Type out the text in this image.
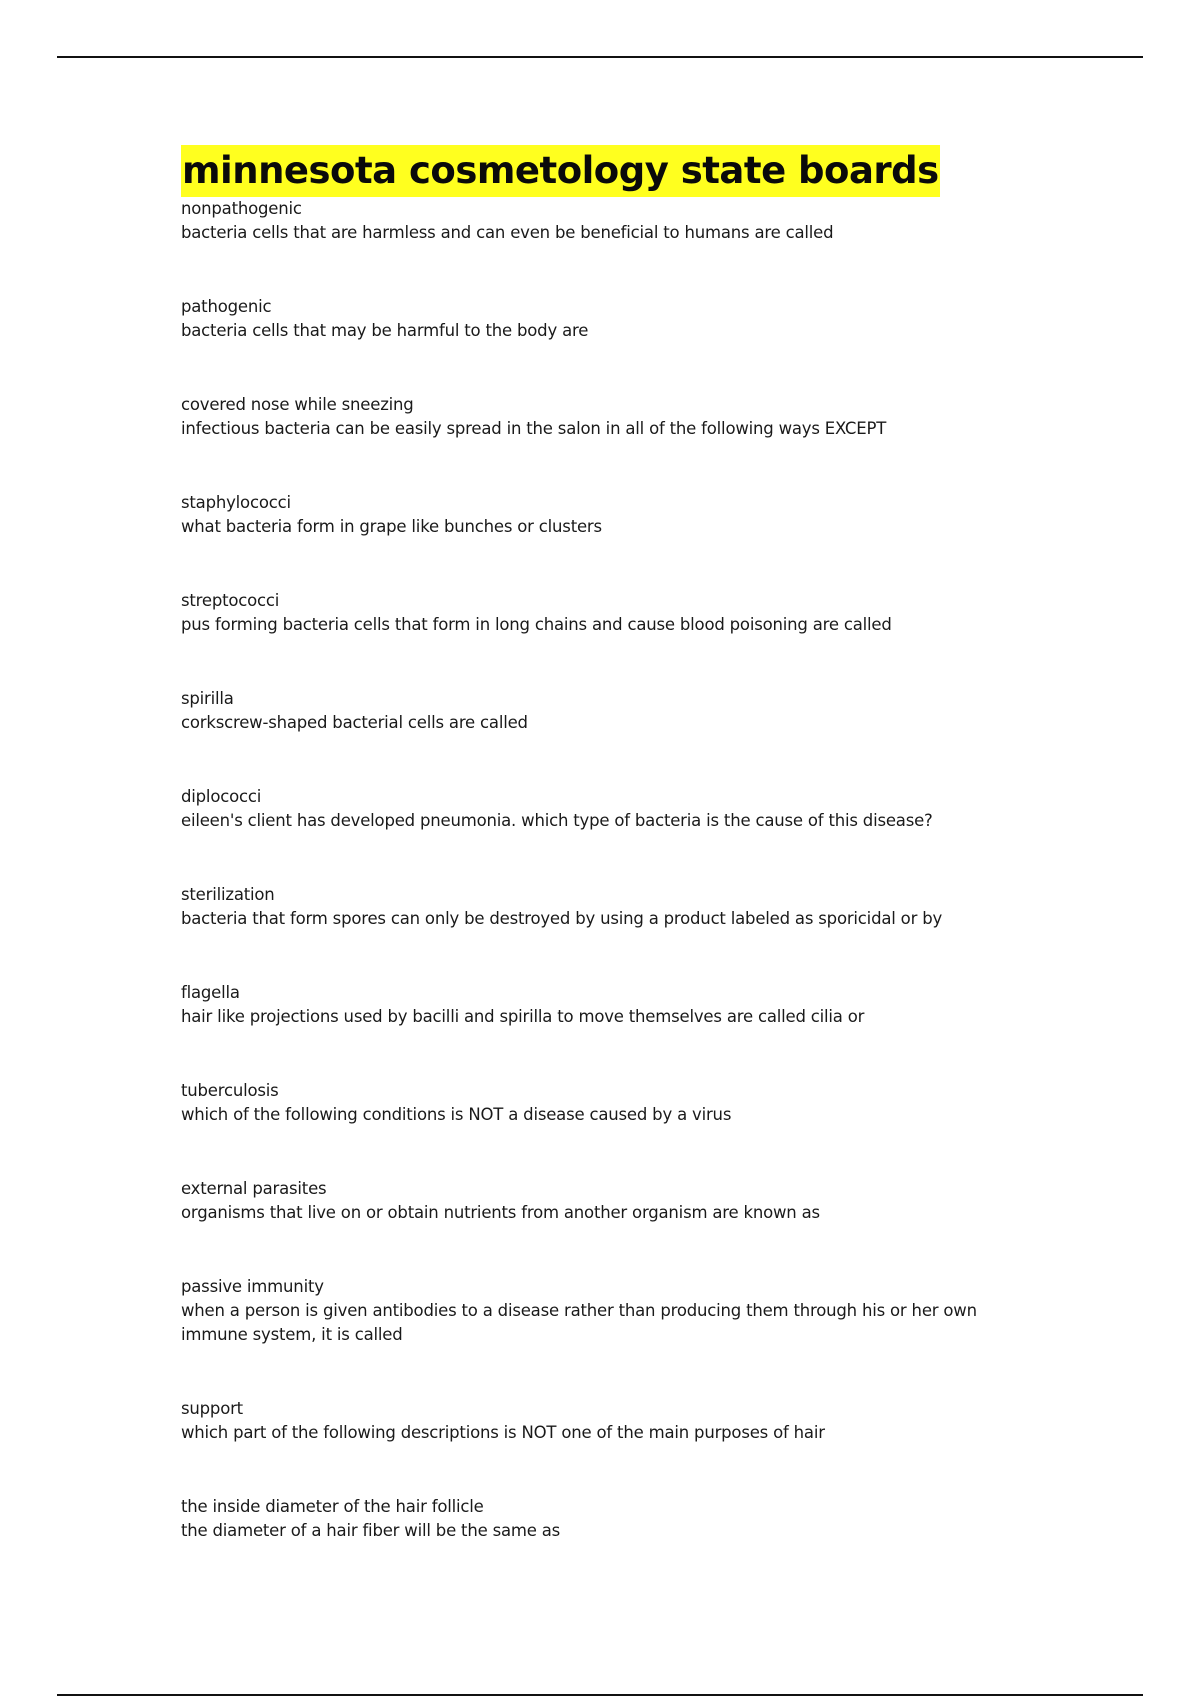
minnesota cosmetology state boards
nonpathogenic
bacteria cells that are harmless and can even be beneficial to humans are called
pathogenic
bacteria cells that may be harmful to the body are
covered nose while sneezing
infectious bacteria can be easily spread in the salon in all of the following ways EXCEPT
staphylococci
what bacteria form in grape like bunches or clusters
streptococci
pus forming bacteria cells that form in long chains and cause blood poisoning are called
spirilla
corkscrew-shaped bacterial cells are called
diplococci
eileen's client has developed pneumonia. which type of bacteria is the cause of this disease?
sterilization
bacteria that form spores can only be destroyed by using a product labeled as sporicidal or by
flagella
hair like projections used by bacilli and spirilla to move themselves are called cilia or
tuberculosis
which of the following conditions is NOT a disease caused by a virus
external parasites
organisms that live on or obtain nutrients from another organism are known as
passive immunity
when a person is given antibodies to a disease rather than producing them through his or her own immune system, it is called
support
which part of the following descriptions is NOT one of the main purposes of hair
the inside diameter of the hair follicle
the diameter of a hair fiber will be the same as
